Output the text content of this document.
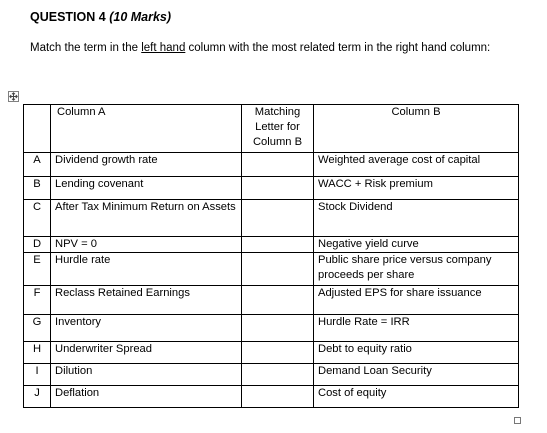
QUESTION 4 (10 Marks)
Match the term in the left hand column with the most related term in the right hand column:
	Column A	Matching Letter for Column B	Column B
A	Dividend growth rate		Weighted average cost of capital
B	Lending covenant		WACC + Risk premium
C	After Tax Minimum Return on Assets		Stock Dividend
D	NPV = 0		Negative yield curve
E	Hurdle rate		Public share price versus company proceeds per share
F	Reclass Retained Earnings		Adjusted EPS for share issuance
G	Inventory		Hurdle Rate = IRR
H	Underwriter Spread		Debt to equity ratio
I	Dilution		Demand Loan Security
J	Deflation		Cost of equity
